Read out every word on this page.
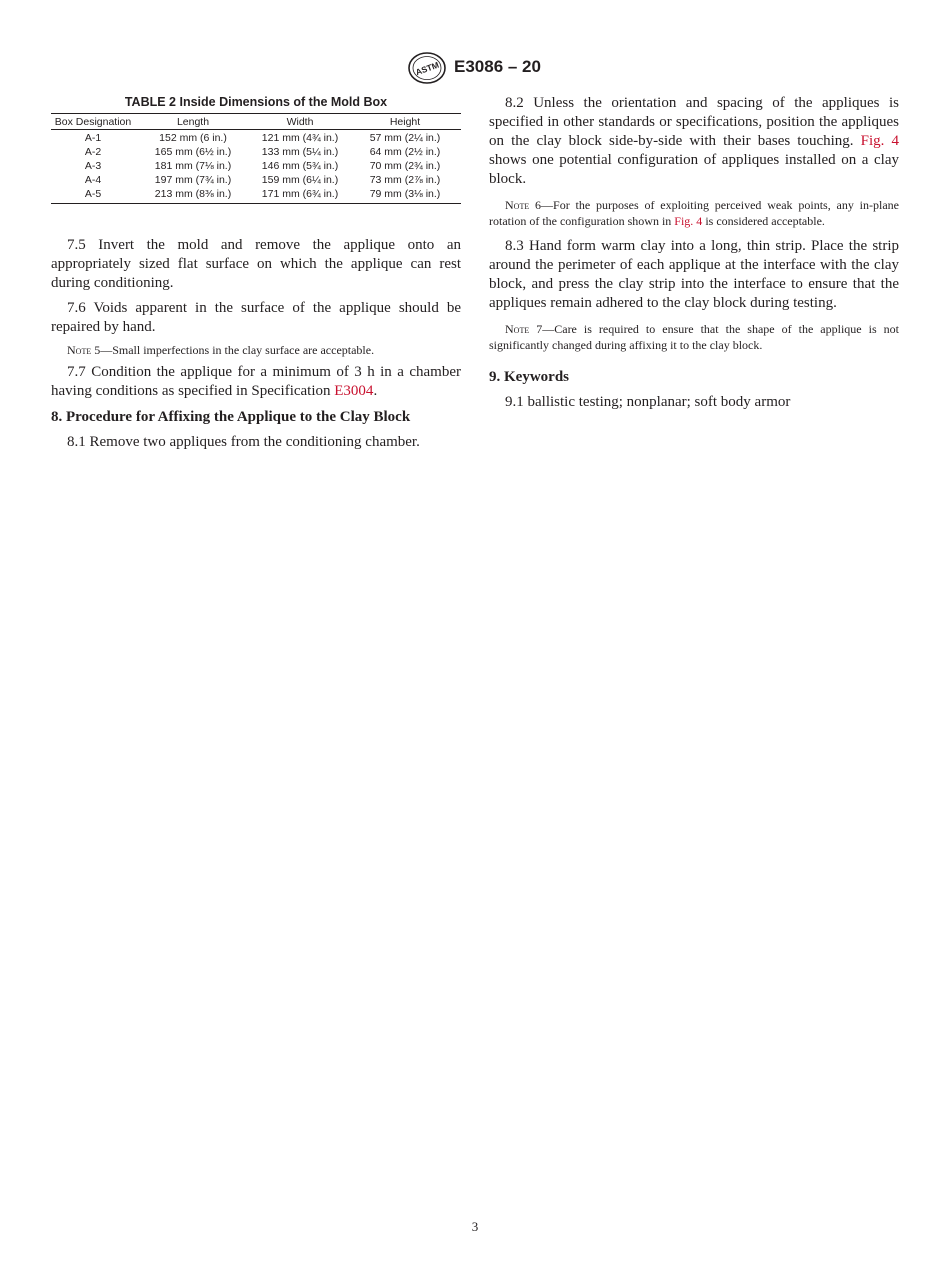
ASTM E3086 – 20
TABLE 2 Inside Dimensions of the Mold Box
Box Designation	Length	Width	Height
A-1	152 mm (6 in.)	121 mm (4¾ in.)	57 mm (2¼ in.)
A-2	165 mm (6½ in.)	133 mm (5¼ in.)	64 mm (2½ in.)
A-3	181 mm (7⅛ in.)	146 mm (5¾ in.)	70 mm (2¾ in.)
A-4	197 mm (7¾ in.)	159 mm (6¼ in.)	73 mm (2⅞ in.)
A-5	213 mm (8⅜ in.)	171 mm (6¾ in.)	79 mm (3⅛ in.)

7.5 Invert the mold and remove the applique onto an appropriately sized flat surface on which the applique can rest during conditioning.

7.6 Voids apparent in the surface of the applique should be repaired by hand.

Note 5—Small imperfections in the clay surface are acceptable.

7.7 Condition the applique for a minimum of 3 h in a chamber having conditions as specified in Specification E3004.

8. Procedure for Affixing the Applique to the Clay Block

8.1 Remove two appliques from the conditioning chamber.

8.2 Unless the orientation and spacing of the appliques is specified in other standards or specifications, position the appliques on the clay block side-by-side with their bases touching. Fig. 4 shows one potential configuration of appliques installed on a clay block.

Note 6—For the purposes of exploiting perceived weak points, any in-plane rotation of the configuration shown in Fig. 4 is considered acceptable.

8.3 Hand form warm clay into a long, thin strip. Place the strip around the perimeter of each applique at the interface with the clay block, and press the clay strip into the interface to ensure that the appliques remain adhered to the clay block during testing.

Note 7—Care is required to ensure that the shape of the applique is not significantly changed during affixing it to the clay block.

9. Keywords

9.1 ballistic testing; nonplanar; soft body armor

3
